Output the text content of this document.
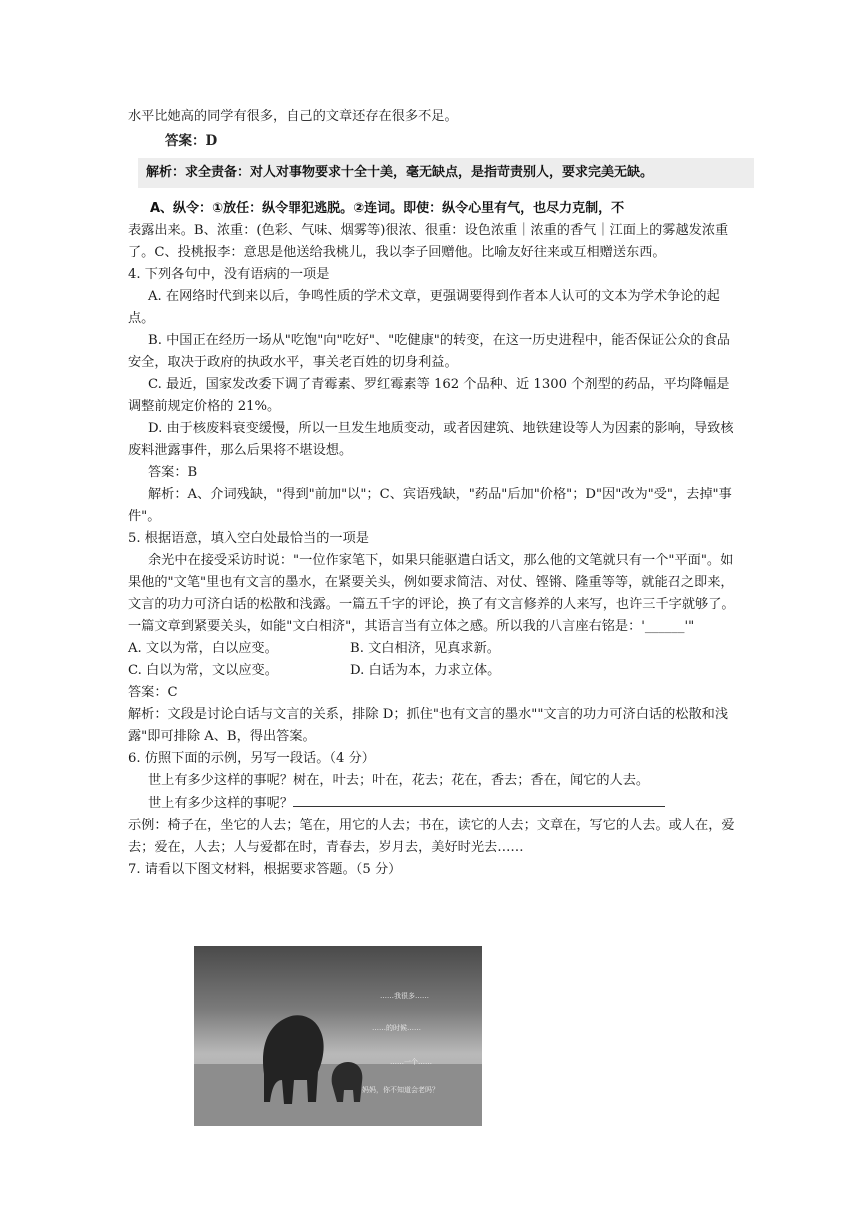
水平比她高的同学有很多，自己的文章还存在很多不足。

答案：D

解析：求全责备：对人对事物要求十全十美，毫无缺点，是指苛责别人，要求完美无缺。

A、纵令：①放任：纵令罪犯逃脱。②连词。即使：纵令心里有气，也尽力克制，不

表露出来。B、浓重：(色彩、气味、烟雾等)很浓、很重：设色浓重｜浓重的香气｜江面上的雾越发浓重了。C、投桃报李：意思是他送给我桃儿，我以李子回赠他。比喻友好往来或互相赠送东西。

4. 下列各句中，没有语病的一项是

A. 在网络时代到来以后，争鸣性质的学术文章，更强调要得到作者本人认可的文本为学术争论的起点。

B. 中国正在经历一场从"吃饱"向"吃好"、"吃健康"的转变，在这一历史进程中，能否保证公众的食品安全，取决于政府的执政水平，事关老百姓的切身利益。

C. 最近，国家发改委下调了青霉素、罗红霉素等 162 个品种、近 1300 个剂型的药品，平均降幅是调整前规定价格的 21%。

D. 由于核废料衰变缓慢，所以一旦发生地质变动，或者因建筑、地铁建设等人为因素的影响，导致核废料泄露事件，那么后果将不堪设想。

答案：B

解析：A、介词残缺，"得到"前加"以"；C、宾语残缺，"药品"后加"价格"；D"因"改为"受"，去掉"事件"。

5. 根据语意，填入空白处最恰当的一项是

余光中在接受采访时说："一位作家笔下，如果只能驱遣白话文，那么他的文笔就只有一个"平面"。如果他的"文笔"里也有文言的墨水，在紧要关头，例如要求简洁、对仗、铿锵、隆重等等，就能召之即来，文言的功力可济白话的松散和浅露。一篇五千字的评论，换了有文言修养的人来写，也许三千字就够了。一篇文章到紧要关头，如能"文白相济"，其语言当有立体之感。所以我的八言座右铭是：'______'"

A. 文以为常，白以应变。	B. 文白相济，见真求新。
C. 白以为常，文以应变。	D. 白话为本，力求立体。

答案：C

解析：文段是讨论白话与文言的关系，排除 D；抓住"也有文言的墨水""文言的功力可济白话的松散和浅露"即可排除 A、B，得出答案。

6. 仿照下面的示例，另写一段话。（4 分）

世上有多少这样的事呢？树在，叶去；叶在，花去；花在，香去；香在，闻它的人去。

世上有多少这样的事呢？

示例：椅子在，坐它的人去；笔在，用它的人去；书在，读它的人去；文章在，写它的人去。或人在，爱去；爱在，人去；人与爱都在时，青春去，岁月去，美好时光去……

7. 请看以下图文材料，根据要求答题。（5 分）

……我很多……
……的时候……
……一个……
妈妈，你不知道会老吗？
